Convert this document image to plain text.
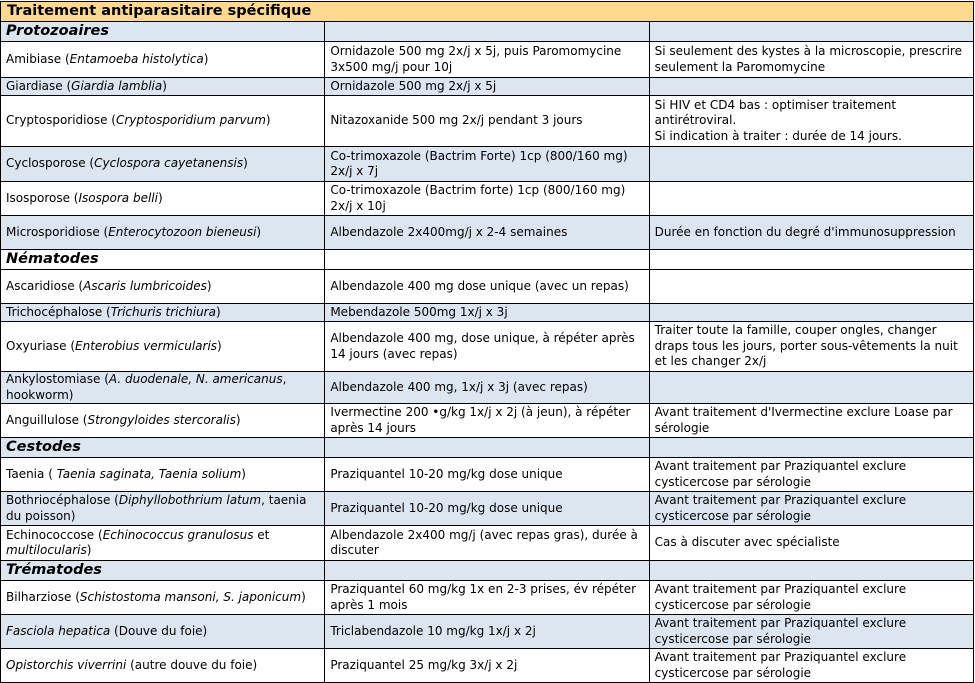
Traitement antiparasitaire spécifique		
Protozoaires		
Amibiase (Entamoeba histolytica)	Ornidazole 500 mg 2x/j x 5j, puis Paromomycine 3x500 mg/j pour 10j	Si seulement des kystes à la microscopie, prescrire seulement la Paromomycine
Giardiase (Giardia lamblia)	Ornidazole 500 mg 2x/j x 5j	
Cryptosporidiose (Cryptosporidium parvum)	Nitazoxanide 500 mg 2x/j pendant 3 jours	Si HIV et CD4 bas : optimiser traitement antirétroviral.
Si indication à traiter : durée de 14 jours.
Cyclosporose (Cyclospora cayetanensis)	Co-trimoxazole (Bactrim Forte) 1cp (800/160 mg) 2x/j x 7j	
Isosporose (Isospora belli)	Co-trimoxazole (Bactrim forte) 1cp (800/160 mg) 2x/j x 10j	
Microsporidiose (Enterocytozoon bieneusi)	Albendazole 2x400mg/j x 2-4 semaines	Durée en fonction du degré d'immunosuppression
Nématodes		
Ascaridiose (Ascaris lumbricoides)	Albendazole 400 mg dose unique (avec un repas)	
Trichocéphalose (Trichuris trichiura)	Mebendazole 500mg 1x/j x 3j	
Oxyuriase (Enterobius vermicularis)	Albendazole 400 mg, dose unique, à répéter après 14 jours (avec repas)	Traiter toute la famille, couper ongles, changer draps tous les jours, porter sous-vêtements la nuit et les changer 2x/j
Ankylostomiase (A. duodenale, N. americanus, hookworm)	Albendazole 400 mg, 1x/j x 3j (avec repas)	
Anguillulose (Strongyloides stercoralis)	Ivermectine 200 •g/kg 1x/j x 2j (à jeun), à répéter après 14 jours	Avant traitement d'Ivermectine exclure Loase par sérologie
Cestodes		
Taenia ( Taenia saginata, Taenia solium)	Praziquantel 10-20 mg/kg dose unique	Avant traitement par Praziquantel exclure cysticercose par sérologie
Bothriocéphalose (Diphyllobothrium latum, taenia du poisson)	Praziquantel 10-20 mg/kg dose unique	Avant traitement par Praziquantel exclure cysticercose par sérologie
Echinococcose (Echinococcus granulosus et multilocularis)	Albendazole 2x400 mg/j (avec repas gras), durée à discuter	Cas à discuter avec spécialiste
Trématodes		
Bilharziose (Schistostoma mansoni, S. japonicum)	Praziquantel 60 mg/kg 1x en 2-3 prises, év répéter après 1 mois	Avant traitement par Praziquantel exclure cysticercose par sérologie
Fasciola hepatica (Douve du foie)	Triclabendazole 10 mg/kg 1x/j x 2j	Avant traitement par Praziquantel exclure cysticercose par sérologie
Opistorchis viverrini (autre douve du foie)	Praziquantel 25 mg/kg 3x/j x 2j	Avant traitement par Praziquantel exclure cysticercose par sérologie
